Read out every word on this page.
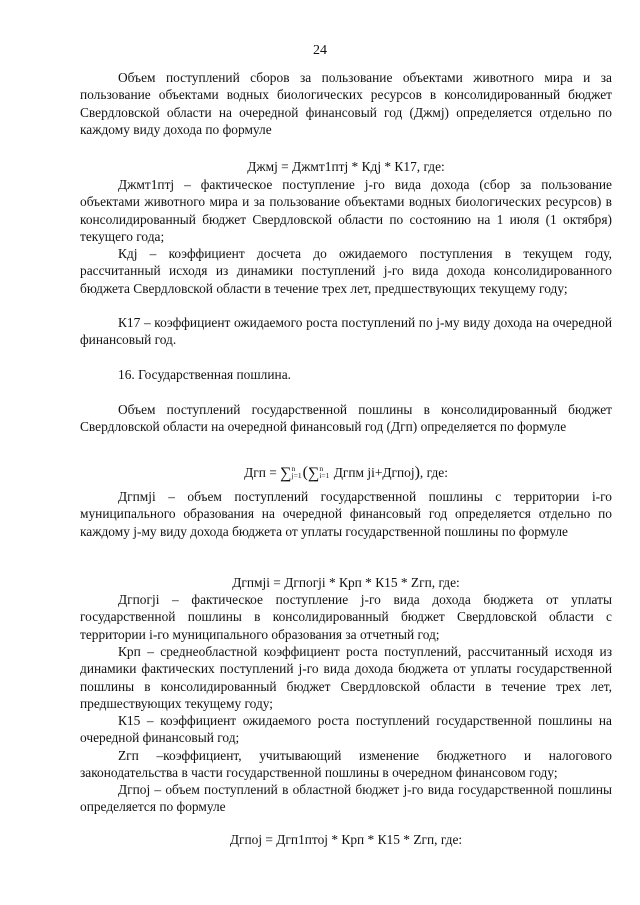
24

Объем поступлений сборов за пользование объектами животного мира и за пользование объектами водных биологических ресурсов в консолидированный бюджет Свердловской области на очередной финансовый год (Джмj) определяется отдельно по каждому виду дохода по формуле

Джмj = Джмт1птj * Кдj * К17, где:

Джмт1птj – фактическое поступление j-го вида дохода (сбор за пользование объектами животного мира и за пользование объектами водных биологических ресурсов) в консолидированный бюджет Свердловской области по состоянию на 1 июля (1 октября) текущего года;

Кдj – коэффициент досчета до ожидаемого поступления в текущем году, рассчитанный исходя из динамики поступлений j-го вида дохода консолидированного бюджета Свердловской области в течение трех лет, предшествующих текущему году;

К17 – коэффициент ожидаемого роста поступлений по j-му виду дохода на очередной финансовый год.

16. Государственная пошлина.

Объем поступлений государственной пошлины в консолидированный бюджет Свердловской области на очередной финансовый год (Дгп) определяется по формуле

Дгп = ∑n
j=1(∑n
i=1 Дгпм ji+Дгпоj), где:

Дгпмji – объем поступлений государственной пошлины с территории i-го муниципального образования на очередной финансовый год определяется отдельно по каждому j-му виду дохода бюджета от уплаты государственной пошлины по формуле

Дгпмji = Дгпогji * Крп * К15 * Zгп, где:

Дгпогji – фактическое поступление j-го вида дохода бюджета от уплаты государственной пошлины в консолидированный бюджет Свердловской области с территории i-го муниципального образования за отчетный год;

Крп – среднеобластной коэффициент роста поступлений, рассчитанный исходя из динамики фактических поступлений j-го вида дохода бюджета от уплаты государственной пошлины в консолидированный бюджет Свердловской области в течение трех лет, предшествующих текущему году;

К15 – коэффициент ожидаемого роста поступлений государственной пошлины на очередной финансовый год;

Zгп –коэффициент, учитывающий изменение бюджетного и налогового законодательства в части государственной пошлины в очередном финансовом году;

Дгпоj – объем поступлений в областной бюджет j-го вида государственной пошлины определяется по формуле

Дгпоj = Дгп1птоj * Крп * К15 * Zгп, где:
